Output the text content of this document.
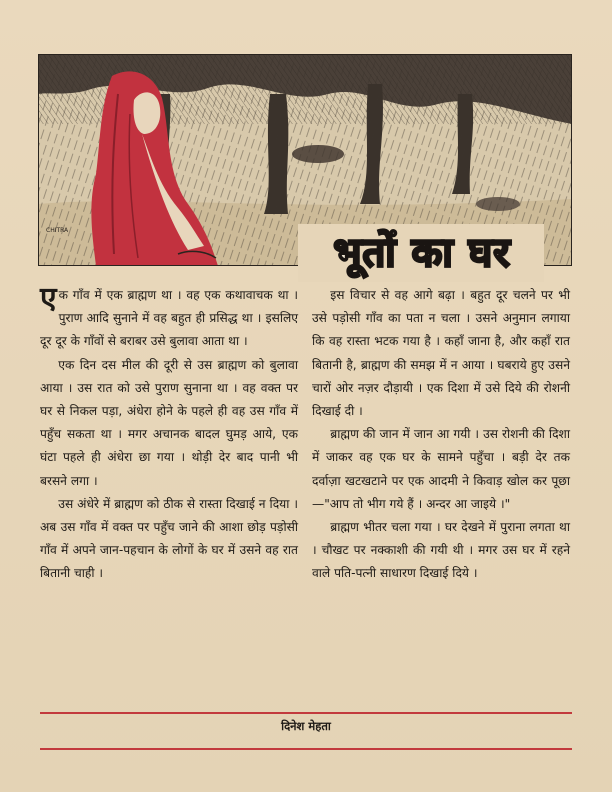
CHITRA	भूतों का घर

एक गाँव में एक ब्राह्मण था । वह एक कथावाचक था । पुराण आदि सुनाने में वह बहुत ही प्रसिद्ध था । इसलिए दूर दूर के गाँवों से बराबर उसे बुलावा आता था ।

एक दिन दस मील की दूरी से उस ब्राह्मण को बुलावा आया । उस रात को उसे पुराण सुनाना था । वह वक्त पर घर से निकल पड़ा, अंधेरा होने के पहले ही वह उस गाँव में पहुँच सकता था । मगर अचानक बादल घुमड़ आये, एक घंटा पहले ही अंधेरा छा गया । थोड़ी देर बाद पानी भी बरसने लगा ।

उस अंधेरे में ब्राह्मण को ठीक से रास्ता दिखाई न दिया । अब उस गाँव में वक्त पर पहुँच जाने की आशा छोड़ पड़ोसी गाँव में अपने जान-पहचान के लोगों के घर में उसने वह रात बितानी चाही ।

इस विचार से वह आगे बढ़ा । बहुत दूर चलने पर भी उसे पड़ोसी गाँव का पता न चला । उसने अनुमान लगाया कि वह रास्ता भटक गया है । कहाँ जाना है, और कहाँ रात बितानी है, ब्राह्मण की समझ में न आया । घबराये हुए उसने चारों ओर नज़र दौड़ायी । एक दिशा में उसे दिये की रोशनी दिखाई दी ।

ब्राह्मण की जान में जान आ गयी । उस रोशनी की दिशा में जाकर वह एक घर के सामने पहुँचा । बड़ी देर तक दर्वाज़ा खटखटाने पर एक आदमी ने किवाड़ खोल कर पूछा—"आप तो भीग गये हैं । अन्दर आ जाइये ।"

ब्राह्मण भीतर चला गया । घर देखने में पुराना लगता था । चौखट पर नक्काशी की गयी थी । मगर उस घर में रहने वाले पति-पत्नी साधारण दिखाई दिये ।

दिनेश मेहता
